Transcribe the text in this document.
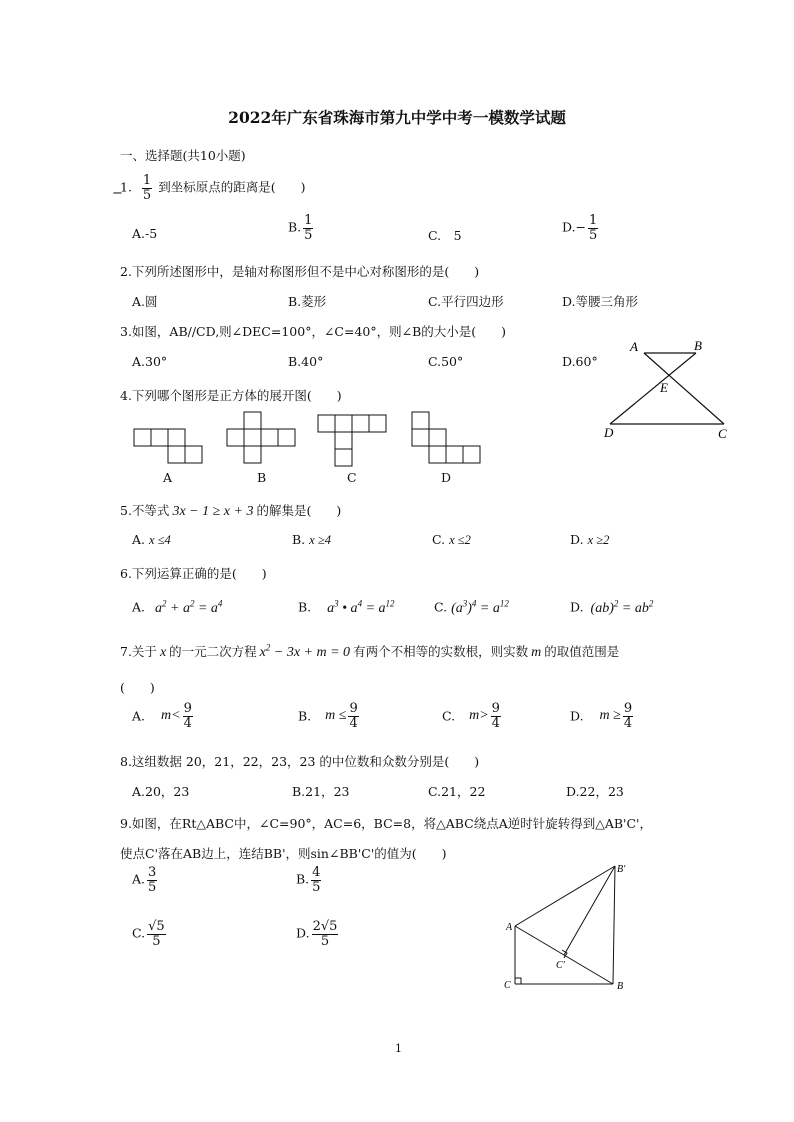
2022年广东省珠海市第九中学中考一模数学试题
一、选择题(共10小题)
1. $\frac{1}{5}$ 到坐标原点的距离是(　　)
−
A.-5	B. $\frac{1}{5}$	C.　5
$D.- \frac{1}{5}$
2.下列所述图形中，是轴对称图形但不是中心对称图形的是(　　)
A.圆	B.菱形	C.平行四边形	D.等腰三角形
3.如图，AB//CD,则∠DEC=100°，∠C=40°，则∠B的大小是(　　)
A.30°	B.40°	C.50°	D.60°
A	B
E
D	C
4.下列哪个图形是正方体的展开图(　　)
A	B	C	D
5.不等式 3x − 1 ≥ x + 3 的解集是(　　)
A. x ≤4	B. x ≥4	C. x ≤2	D. x ≥2
6.下列运算正确的是(　　)
A. $a^2 + a^2 = a^4$	B. $a^3$ • $a^4 = a^{12}$	C. $(a^3)^4 = a^{12}$	D. $(ab)^2 = ab^2$
7.关于 x 的一元二次方程 $x^2 - 3x + m = 0$ 有两个不相等的实数根，则实数 m 的取值范围是
(　　)
A. $m< \frac{9}{4}$	B. $m \le \frac{9}{4}$	C. $m> \frac{9}{4}$	D. $m \ge \frac{9}{4}$
8.这组数据 20，21，22，23，23 的中位数和众数分别是(　　)
A.20，23	B.21，23	C.21，22	D.22，23
9.如图，在Rt△ABC中，∠C=90°，AC=6，BC=8，将△ABC绕点A逆时针旋转得到△AB'C'，
使点C'落在AB边上，连结BB'，则sin∠BB'C'的值为(　　)
A. $\frac{3}{5}$	B. $\frac{4}{5}$
C. $\frac{√5}{5}$	D. $\frac{2√5}{5}$
B'
A
C'
C	B
1
